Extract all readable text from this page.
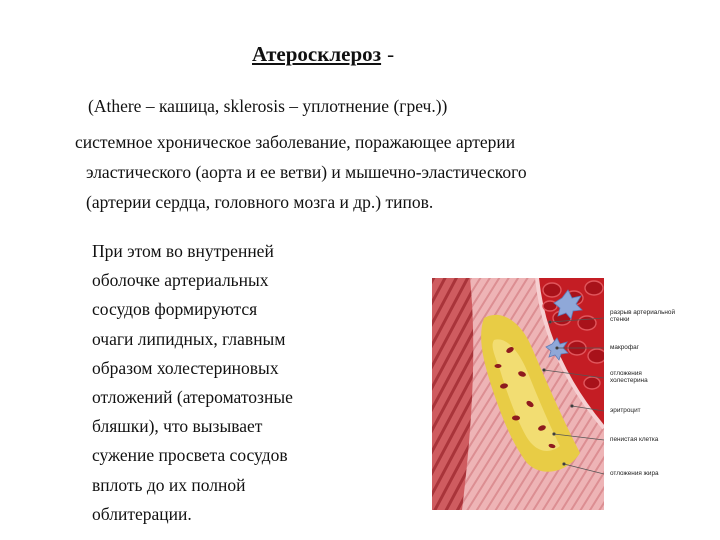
Атеросклероз -
(Athere – кашица, sklerosis – уплотнение (греч.))
системное хроническое заболевание, поражающее артерии
эластического (аорта и ее ветви) и мышечно-эластического
(артерии сердца, головного мозга и др.) типов.
При этом во внутренней
оболочке артериальных
сосудов формируются
очаги липидных, главным
образом холестериновых
отложений (атероматозные
бляшки), что вызывает
сужение просвета сосудов
вплоть до их полной
облитерации.
разрыв артериальной
стенки
макрофаг
отложения
холестерина
эритроцит
пенистая клетка
отложения жира
